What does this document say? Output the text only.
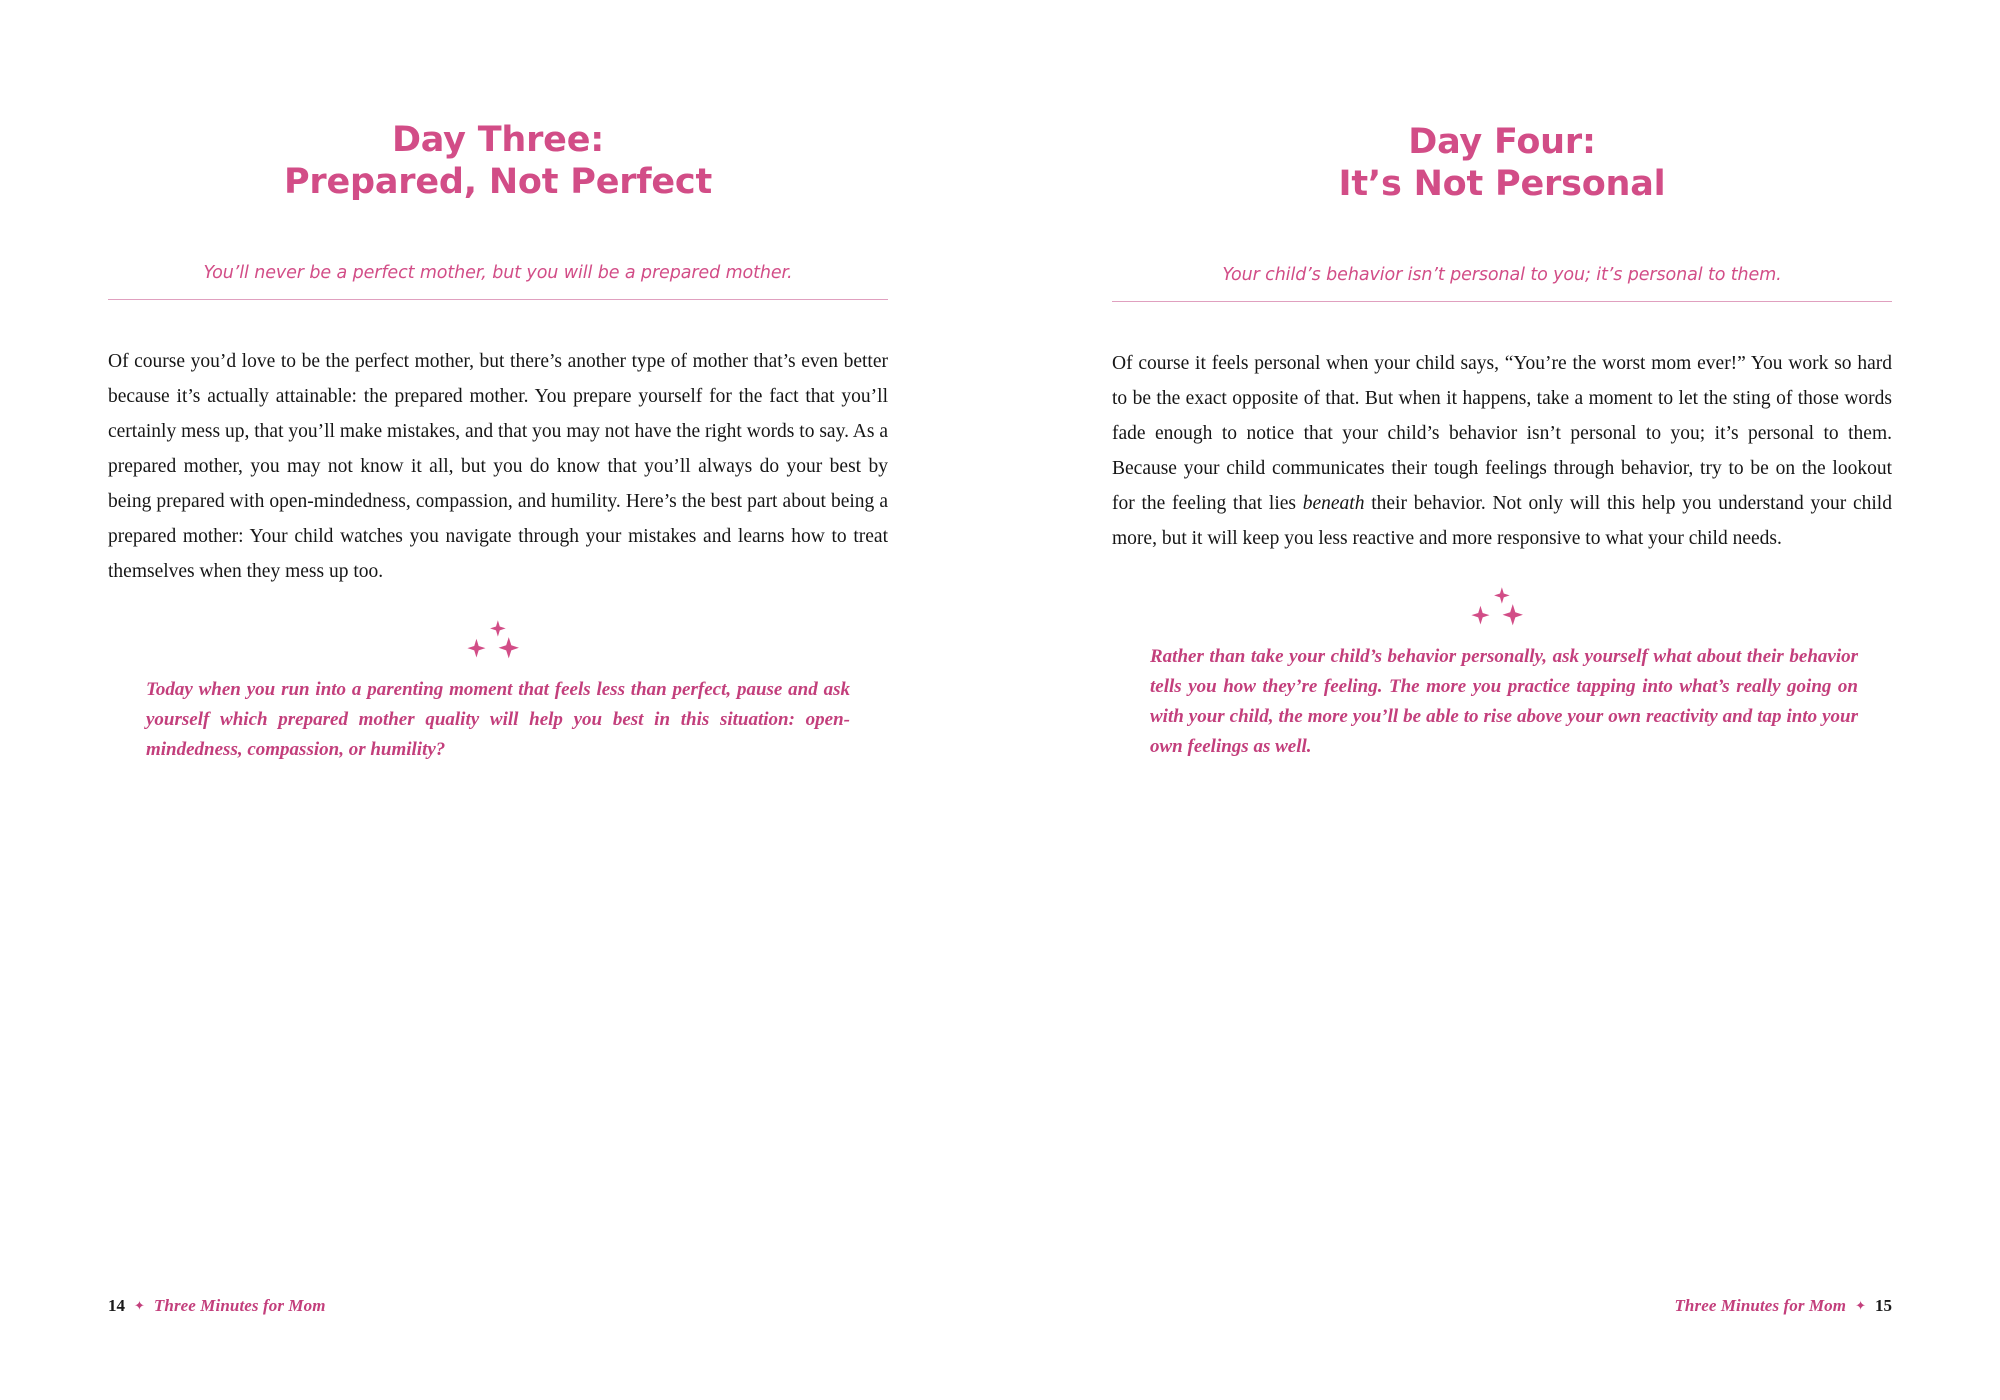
Day Three:
Prepared, Not Perfect
You’ll never be a perfect mother, but you will be a prepared mother.

Of course you’d love to be the perfect mother, but there’s another type of mother that’s even better because it’s actually attainable: the prepared mother. You prepare yourself for the fact that you’ll certainly mess up, that you’ll make mistakes, and that you may not have the right words to say. As a prepared mother, you may not know it all, but you do know that you’ll always do your best by being prepared with open-mindedness, compassion, and humility. Here’s the best part about being a prepared mother: Your child watches you navigate through your mistakes and learns how to treat themselves when they mess up too.

Today when you run into a parenting moment that feels less than perfect, pause and ask yourself which prepared mother quality will help you best in this situation: open-mindedness, compassion, or humility?

14 ✦ Three Minutes for Mom
Day Four:
It’s Not Personal
Your child’s behavior isn’t personal to you; it’s personal to them.

Of course it feels personal when your child says, “You’re the worst mom ever!” You work so hard to be the exact opposite of that. But when it happens, take a moment to let the sting of those words fade enough to notice that your child’s behavior isn’t personal to you; it’s personal to them. Because your child communicates their tough feelings through behavior, try to be on the lookout for the feeling that lies beneath their behavior. Not only will this help you understand your child more, but it will keep you less reactive and more responsive to what your child needs.

Rather than take your child’s behavior personally, ask yourself what about their behavior tells you how they’re feeling. The more you practice tapping into what’s really going on with your child, the more you’ll be able to rise above your own reactivity and tap into your own feelings as well.

Three Minutes for Mom ✦ 15
